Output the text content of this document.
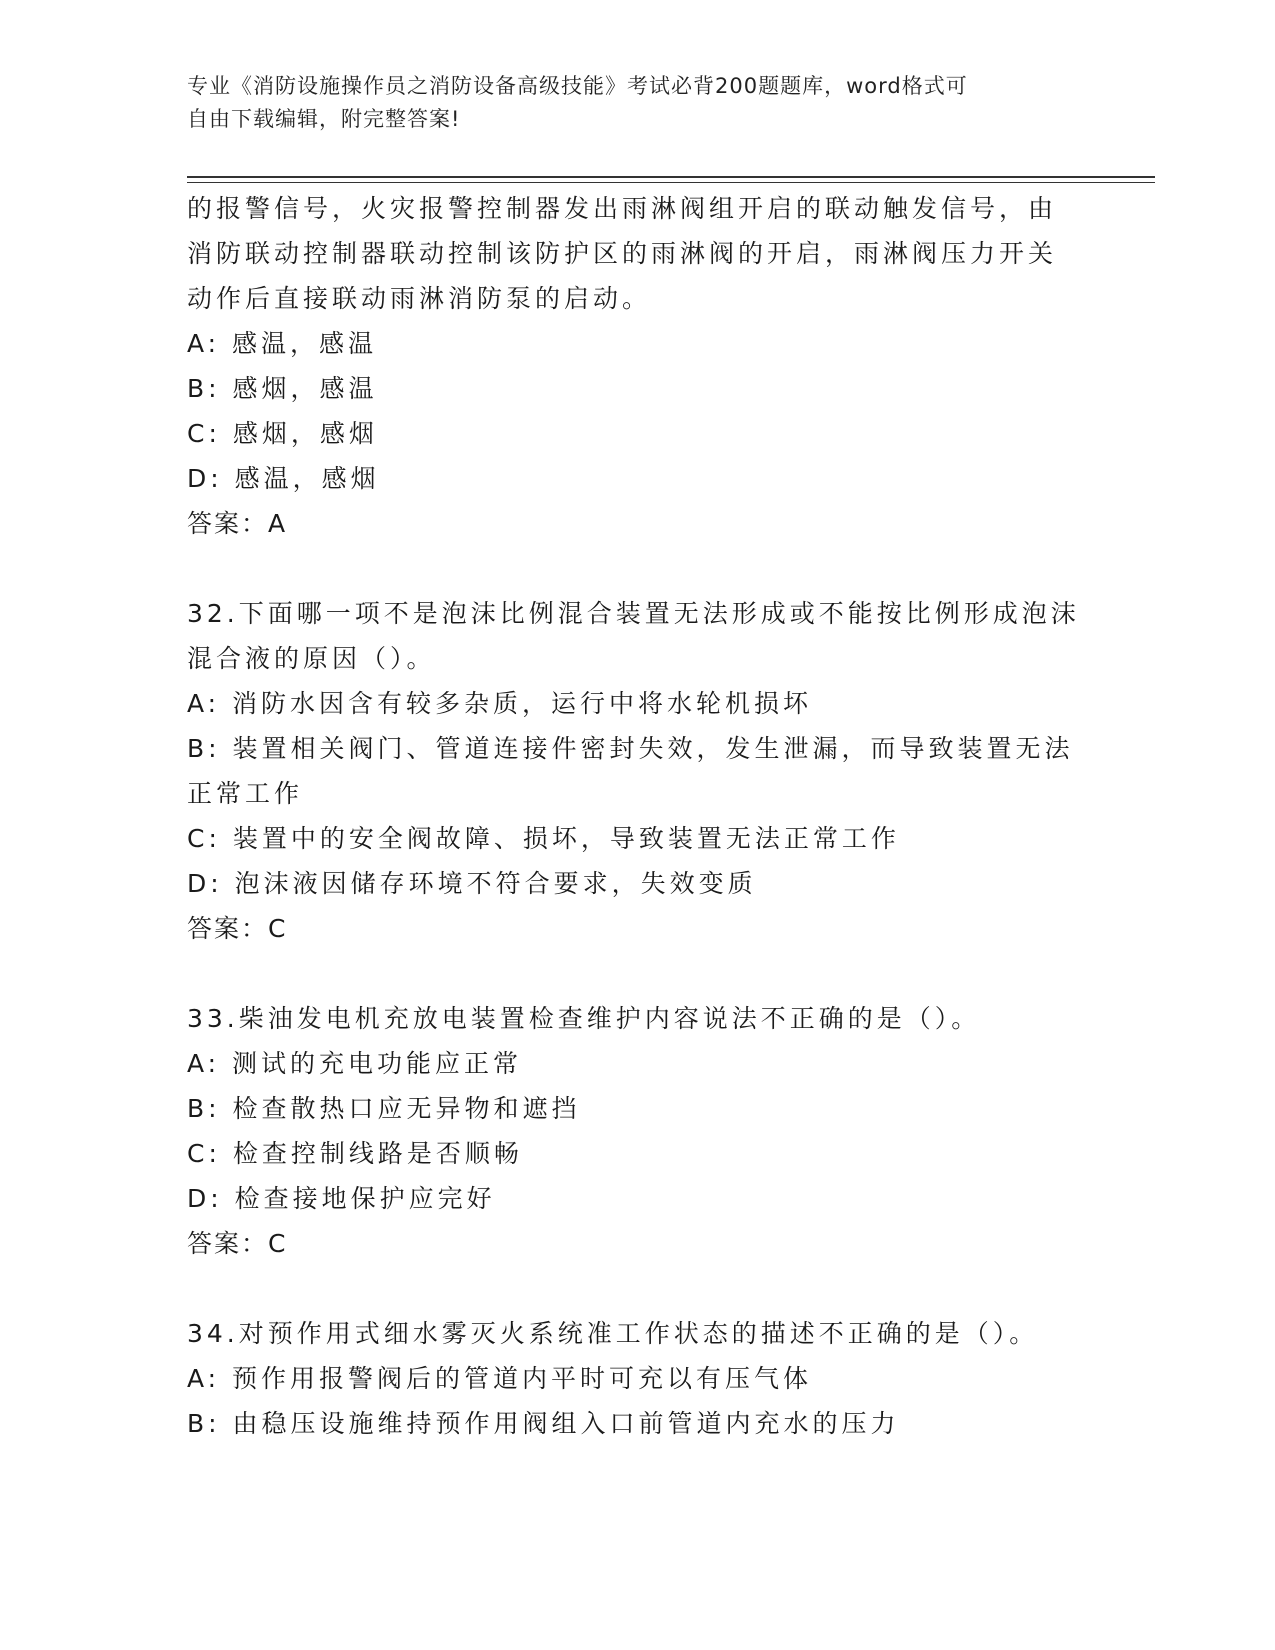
专业《消防设施操作员之消防设备高级技能》考试必背200题题库，word格式可
自由下载编辑，附完整答案!
的报警信号，火灾报警控制器发出雨淋阀组开启的联动触发信号，由
消防联动控制器联动控制该防护区的雨淋阀的开启，雨淋阀压力开关
动作后直接联动雨淋消防泵的启动。
A: 感温，感温
B: 感烟，感温
C: 感烟，感烟
D: 感温，感烟
答案：A
32.下面哪一项不是泡沫比例混合装置无法形成或不能按比例形成泡沫
混合液的原因（）。
A: 消防水因含有较多杂质，运行中将水轮机损坏
B: 装置相关阀门、管道连接件密封失效，发生泄漏，而导致装置无法
正常工作
C: 装置中的安全阀故障、损坏，导致装置无法正常工作
D: 泡沫液因储存环境不符合要求，失效变质
答案：C
33.柴油发电机充放电装置检查维护内容说法不正确的是（）。
A: 测试的充电功能应正常
B: 检查散热口应无异物和遮挡
C: 检查控制线路是否顺畅
D: 检查接地保护应完好
答案：C
34.对预作用式细水雾灭火系统准工作状态的描述不正确的是（）。
A: 预作用报警阀后的管道内平时可充以有压气体
B: 由稳压设施维持预作用阀组入口前管道内充水的压力
